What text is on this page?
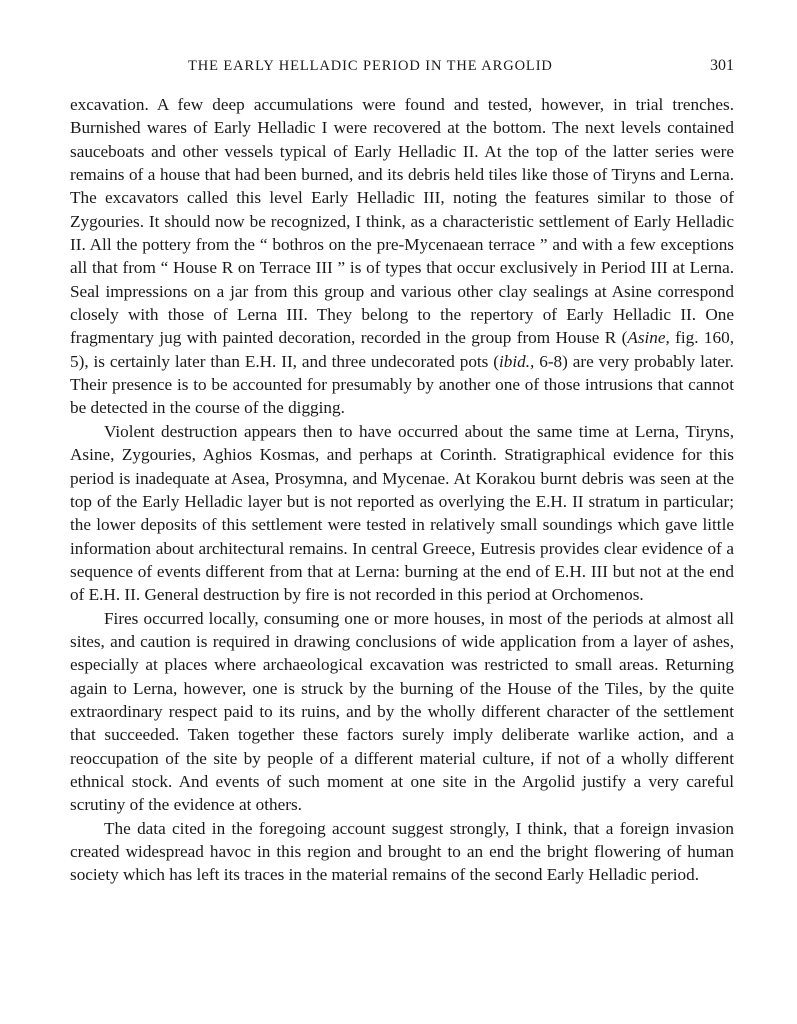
THE EARLY HELLADIC PERIOD IN THE ARGOLID	301

excavation. A few deep accumulations were found and tested, however, in trial trenches. Burnished wares of Early Helladic I were recovered at the bottom. The next levels contained sauceboats and other vessels typical of Early Helladic II. At the top of the latter series were remains of a house that had been burned, and its debris held tiles like those of Tiryns and Lerna. The excavators called this level Early Helladic III, noting the features similar to those of Zygouries. It should now be recognized, I think, as a characteristic settlement of Early Helladic II. All the pottery from the “ bothros on the pre-Mycenaean terrace ” and with a few exceptions all that from “ House R on Terrace III ” is of types that occur exclusively in Period III at Lerna. Seal impressions on a jar from this group and various other clay sealings at Asine correspond closely with those of Lerna III. They belong to the repertory of Early Helladic II. One fragmentary jug with painted decoration, recorded in the group from House R (Asine, fig. 160, 5), is certainly later than E.H. II, and three undecorated pots (ibid., 6-8) are very probably later. Their presence is to be accounted for presumably by another one of those intrusions that cannot be detected in the course of the digging.

Violent destruction appears then to have occurred about the same time at Lerna, Tiryns, Asine, Zygouries, Aghios Kosmas, and perhaps at Corinth. Stratigraphical evidence for this period is inadequate at Asea, Prosymna, and Mycenae. At Korakou burnt debris was seen at the top of the Early Helladic layer but is not reported as overlying the E.H. II stratum in particular; the lower deposits of this settlement were tested in relatively small soundings which gave little information about architectural remains. In central Greece, Eutresis provides clear evidence of a sequence of events different from that at Lerna: burning at the end of E.H. III but not at the end of E.H. II. General destruction by fire is not recorded in this period at Orchomenos.

Fires occurred locally, consuming one or more houses, in most of the periods at almost all sites, and caution is required in drawing conclusions of wide application from a layer of ashes, especially at places where archaeological excavation was restricted to small areas. Returning again to Lerna, however, one is struck by the burning of the House of the Tiles, by the quite extraordinary respect paid to its ruins, and by the wholly different character of the settlement that succeeded. Taken together these factors surely imply deliberate warlike action, and a reoccupation of the site by people of a different material culture, if not of a wholly different ethnical stock. And events of such moment at one site in the Argolid justify a very careful scrutiny of the evidence at others.

The data cited in the foregoing account suggest strongly, I think, that a foreign invasion created widespread havoc in this region and brought to an end the bright flowering of human society which has left its traces in the material remains of the second Early Helladic period.
